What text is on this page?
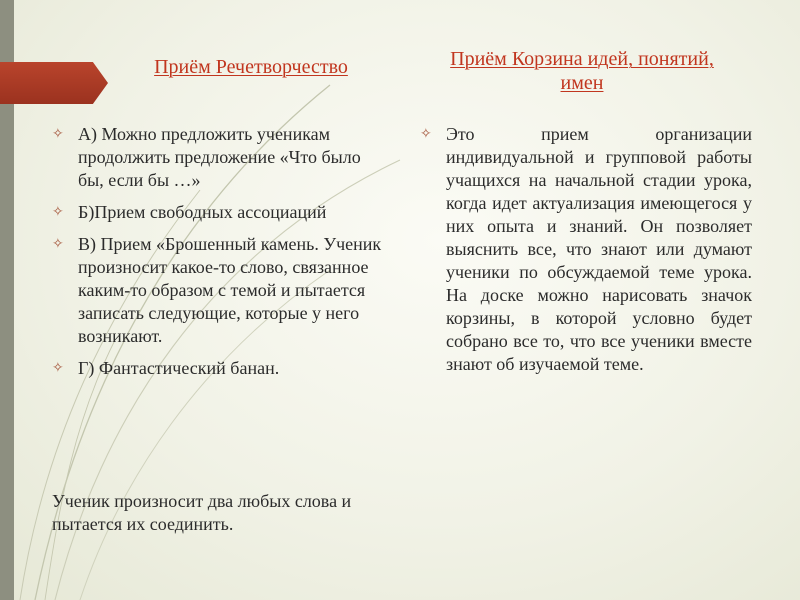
Приём Речетворчество	Приём Корзина идей, понятий, имен
✧ А) Можно предложить ученикам продолжить предложение «Что было бы, если бы …»
✧ Б)Прием свободных ассоциаций
✧ В) Прием «Брошенный камень. Ученик произносит какое-то слово, связанное каким-то образом с темой и пытается записать следующие, которые у него возникают.
✧ Г) Фантастический банан.

Ученик произносит два любых слова и пытается их соединить.

✧ Это прием организации индивидуальной и групповой работы учащихся на начальной стадии урока, когда идет актуализация имеющегося у них опыта и знаний. Он позволяет выяснить все, что знают или думают ученики по обсуждаемой теме урока. На доске можно нарисовать значок корзины, в которой условно будет собрано все то, что все ученики вместе знают об изучаемой теме.
